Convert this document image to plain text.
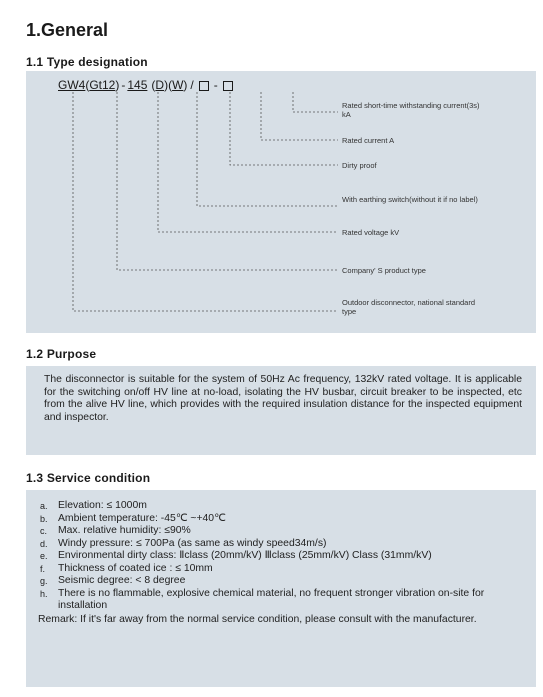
1.General
1.1 Type designation
GW4(Gt12) - 145 (D)(W) / -
Rated short-time withstanding current(3s) kA
Rated current A
Dirty proof
With earthing switch(without it if no label)
Rated voltage kV
Company' S product type
Outdoor disconnector, national standard type
1.2 Purpose
The disconnector is suitable for the system of 50Hz Ac frequency, 132kV rated voltage. It is applicable for the switching on/off HV line at no-load, isolating the HV busbar, circuit breaker to be inspected, etc from the alive HV line, which provides with the required insulation distance for the inspected equipment and inspector.
1.3 Service condition
a.	Elevation: ≤ 1000m
b.	Ambient temperature: -45℃ ~+40℃
c.	Max. relative humidity: ≤90%
d.	Windy pressure: ≤ 700Pa (as same as windy speed34m/s)
e.	Environmental dirty class: Ⅱclass (20mm/kV) Ⅲclass (25mm/kV) Class (31mm/kV)
f.	Thickness of coated ice : ≤ 10mm
g.	Seismic degree: < 8 degree
h.	There is no flammable, explosive chemical material, no frequent stronger vibration on-site for installation
Remark: If it's far away from the normal service condition, please consult with the manufacturer.
